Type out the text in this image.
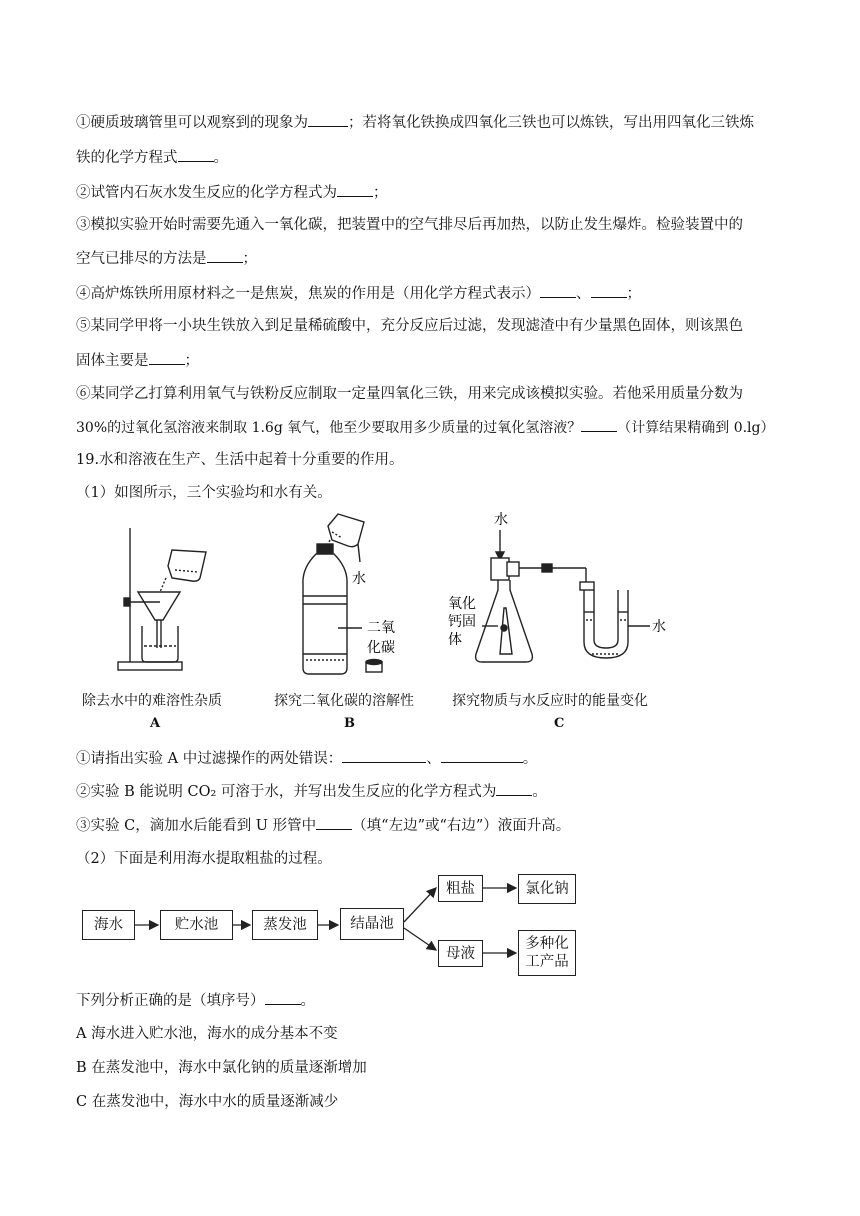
①硬质玻璃管里可以观察到的现象为	；若将氧化铁换成四氧化三铁也可以炼铁，写出用四氧化三铁炼
铁的化学方程式 。
②试管内石灰水发生反应的化学方程式为 ；
③模拟实验开始时需要先通入一氧化碳，把装置中的空气排尽后再加热，以防止发生爆炸。检验装置中的
空气已排尽的方法是 ；
④高炉炼铁所用原材料之一是焦炭，焦炭的作用是（用化学方程式表示） 、 ；
⑤某同学甲将一小块生铁放入到足量稀硫酸中，充分反应后过滤，发现滤渣中有少量黑色固体，则该黑色
固体主要是 ；
⑥某同学乙打算利用氧气与铁粉反应制取一定量四氧化三铁，用来完成该模拟实验。若他采用质量分数为
30%的过氧化氢溶液来制取 1.6g 氧气，他至少要取用多少质量的过氧化氢溶液？	（计算结果精确到 0.lg）
19.水和溶液在生产、生活中起着十分重要的作用。
（1）如图所示，三个实验均和水有关。
水
二氧
化碳
水
氧化
钙固
体
水
除去水中的难溶性杂质	探究二氧化碳的溶解性	探究物质与水反应时的能量变化
A	B	C
①请指出实验 A 中过滤操作的两处错误：	、	。
②实验 B 能说明 CO₂ 可溶于水，并写出发生反应的化学方程式为 。
③实验 C，滴加水后能看到 U 形管中 （填“左边”或“右边”）液面升高。
（2）下面是利用海水提取粗盐的过程。
海水	贮水池	蒸发池	结晶池
粗盐	氯化钠
母液
多种化
工产品
下列分析正确的是（填序号） 。
A 海水进入贮水池，海水的成分基本不变
B 在蒸发池中，海水中氯化钠的质量逐渐增加
C 在蒸发池中，海水中水的质量逐渐减少
